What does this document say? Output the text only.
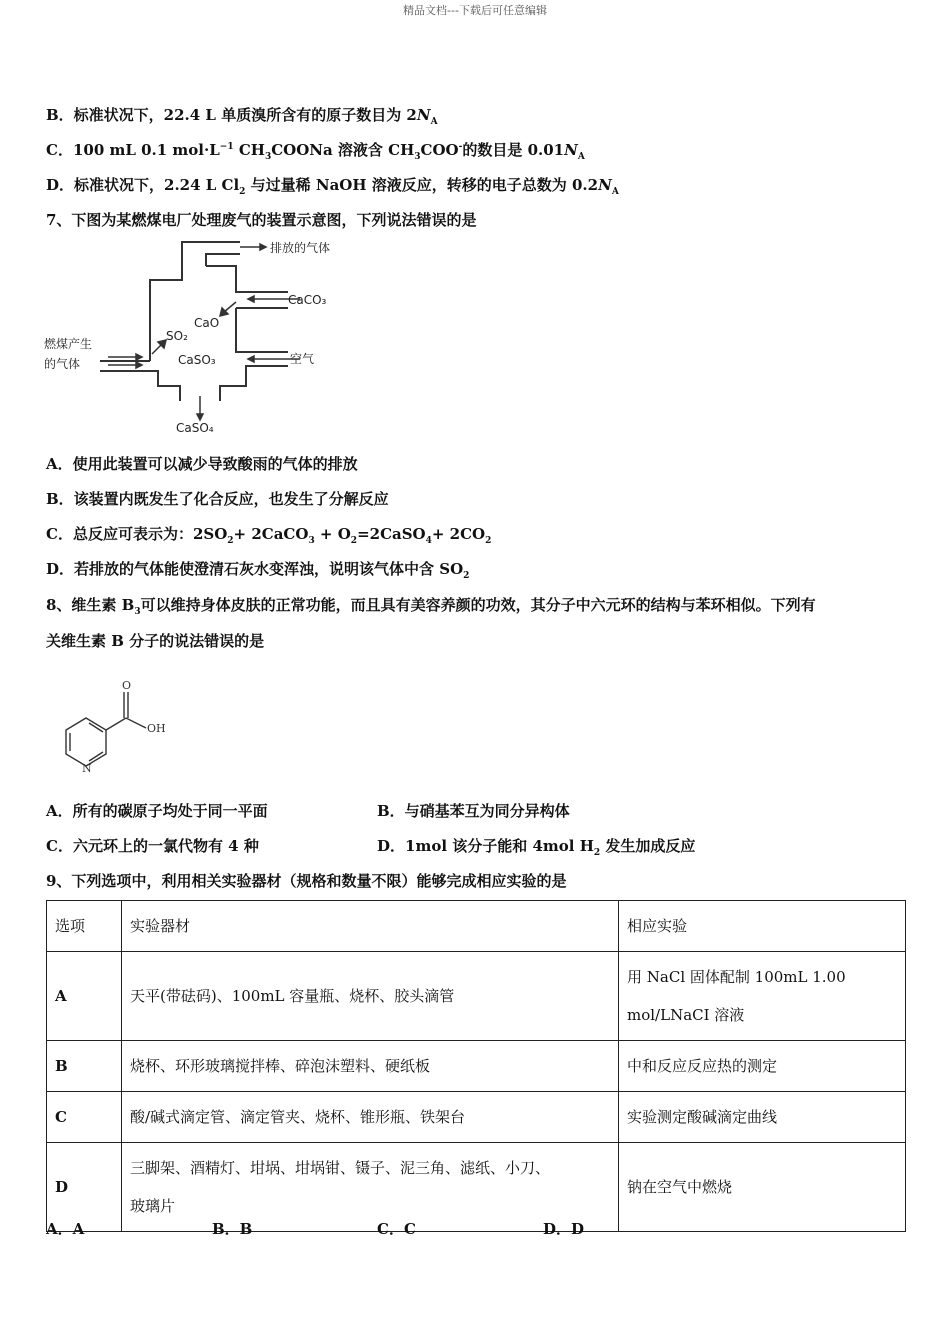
精品文档---下载后可任意编辑
B．标准状况下，22.4 L 单质溴所含有的原子数目为 $2N_A$
C．100 mL 0.1 $mol\cdot L^{-1}$ $CH_3COONa$ 溶液含 $CH_3COO^-$的数目是 $0.01N_A$
D．标准状况下，2.24 L $Cl_2$ 与过量稀 NaOH 溶液反应，转移的电子总数为 $0.2N_A$
7、下图为某燃煤电厂处理废气的装置示意图，下列说法错误的是
排放的气体
CaCO₃
CaO
SO₂
燃煤产生
的气体	CaSO₃	空气
CaSO₄
A．使用此装置可以减少导致酸雨的气体的排放
B．该装置内既发生了化合反应，也发生了分解反应
C．总反应可表示为：$2SO_2+$ 2CaCO$_3$ + $O_2=2CaSO_4+ 2CO_2$
D．若排放的气体能使澄清石灰水变浑浊，说明该气体中含 $SO_2$
8、维生素 $B_3$可以维持身体皮肤的正常功能，而且具有美容养颜的功效，其分子中六元环的结构与苯环相似。下列有
关维生素 B 分子的说法错误的是
O
OH
N
A．所有的碳原子均处于同一平面	B．与硝基苯互为同分异构体
C．六元环上的一氯代物有 4 种	D．1mol 该分子能和 4mol $H_2$ 发生加成反应
9、下列选项中，利用相关实验器材（规格和数量不限）能够完成相应实验的是
选项	实验器材	相应实验
A	天平(带砝码)、100mL 容量瓶、烧杯、胶头滴管	用 NaCl 固体配制 100mL 1.00
mol/LNaCI 溶液
B	烧杯、环形玻璃搅拌棒、碎泡沫塑料、硬纸板	中和反应反应热的测定
C	酸/碱式滴定管、滴定管夹、烧杯、锥形瓶、铁架台	实验测定酸碱滴定曲线
D	三脚架、酒精灯、坩埚、坩埚钳、镊子、泥三角、滤纸、小刀、
玻璃片	钠在空气中燃烧
A．A	B．B	C．C	D．D
